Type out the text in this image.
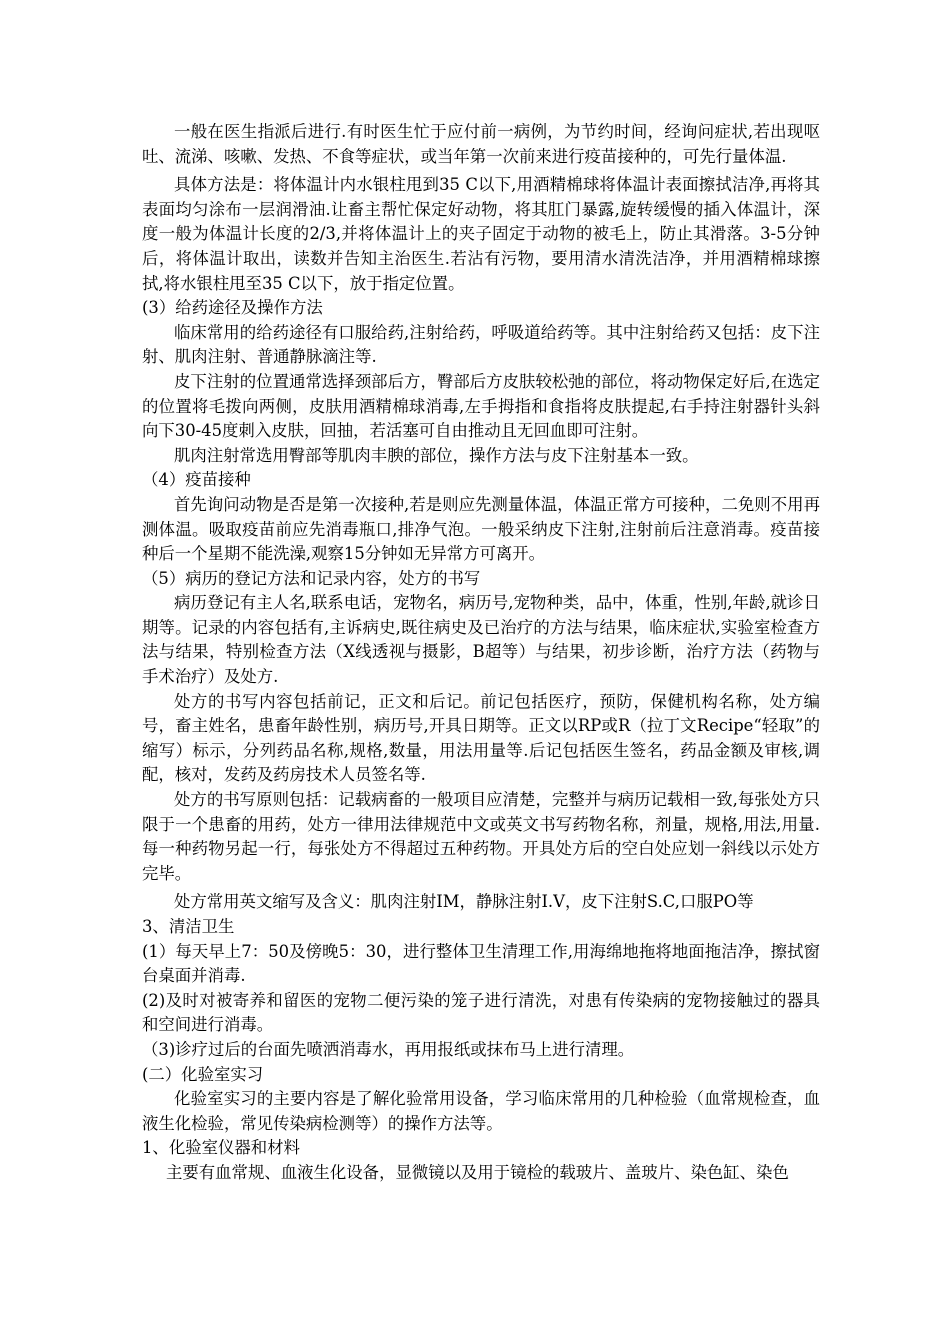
一般在医生指派后进行.有时医生忙于应付前一病例，为节约时间，经询问症状,若出现呕吐、流涕、咳嗽、发热、不食等症状，或当年第一次前来进行疫苗接种的，可先行量体温.

具体方法是：将体温计内水银柱甩到35 C以下,用酒精棉球将体温计表面擦拭洁净,再将其表面均匀涂布一层润滑油.让畜主帮忙保定好动物，将其肛门暴露,旋转缓慢的插入体温计，深度一般为体温计长度的2/3,并将体温计上的夹子固定于动物的被毛上，防止其滑落。3-5分钟后，将体温计取出，读数并告知主治医生.若沾有污物，要用清水清洗洁净，并用酒精棉球擦拭,将水银柱甩至35 C以下，放于指定位置。

(3）给药途径及操作方法

临床常用的给药途径有口服给药,注射给药，呼吸道给药等。其中注射给药又包括：皮下注射、肌肉注射、普通静脉滴注等.

皮下注射的位置通常选择颈部后方，臀部后方皮肤较松弛的部位，将动物保定好后,在选定的位置将毛拨向两侧，皮肤用酒精棉球消毒,左手拇指和食指将皮肤提起,右手持注射器针头斜向下30-45度刺入皮肤，回抽，若活塞可自由推动且无回血即可注射。

肌肉注射常选用臀部等肌肉丰腴的部位，操作方法与皮下注射基本一致。

（4）疫苗接种

首先询问动物是否是第一次接种,若是则应先测量体温，体温正常方可接种，二免则不用再测体温。吸取疫苗前应先消毒瓶口,排净气泡。一般采纳皮下注射,注射前后注意消毒。疫苗接种后一个星期不能洗澡,观察15分钟如无异常方可离开。

（5）病历的登记方法和记录内容，处方的书写

病历登记有主人名,联系电话，宠物名，病历号,宠物种类，品中，体重，性别,年龄,就诊日期等。记录的内容包括有,主诉病史,既往病史及已治疗的方法与结果，临床症状,实验室检查方法与结果，特别检查方法（X线透视与摄影，B超等）与结果，初步诊断，治疗方法（药物与手术治疗）及处方.

处方的书写内容包括前记，正文和后记。前记包括医疗，预防，保健机构名称，处方编号，畜主姓名，患畜年龄性别，病历号,开具日期等。正文以RP或R（拉丁文Recipe“轻取”的缩写）标示，分列药品名称,规格,数量，用法用量等.后记包括医生签名，药品金额及审核,调配，核对，发药及药房技术人员签名等.

处方的书写原则包括：记载病畜的一般项目应清楚，完整并与病历记载相一致,每张处方只限于一个患畜的用药，处方一律用法律规范中文或英文书写药物名称，剂量，规格,用法,用量.每一种药物另起一行，每张处方不得超过五种药物。开具处方后的空白处应划一斜线以示处方完毕。

处方常用英文缩写及含义：肌肉注射IM，静脉注射I.V，皮下注射S.C,口服PO等

3、清洁卫生

(1）每天早上7：50及傍晚5：30，进行整体卫生清理工作,用海绵地拖将地面拖洁净，擦拭窗台桌面并消毒.

(2)及时对被寄养和留医的宠物二便污染的笼子进行清洗，对患有传染病的宠物接触过的器具和空间进行消毒。

（3)诊疗过后的台面先喷洒消毒水，再用报纸或抹布马上进行清理。

(二）化验室实习

化验室实习的主要内容是了解化验常用设备，学习临床常用的几种检验（血常规检查，血液生化检验，常见传染病检测等）的操作方法等。

1、化验室仪器和材料

主要有血常规、血液生化设备，显微镜以及用于镜检的载玻片、盖玻片、染色缸、染色
